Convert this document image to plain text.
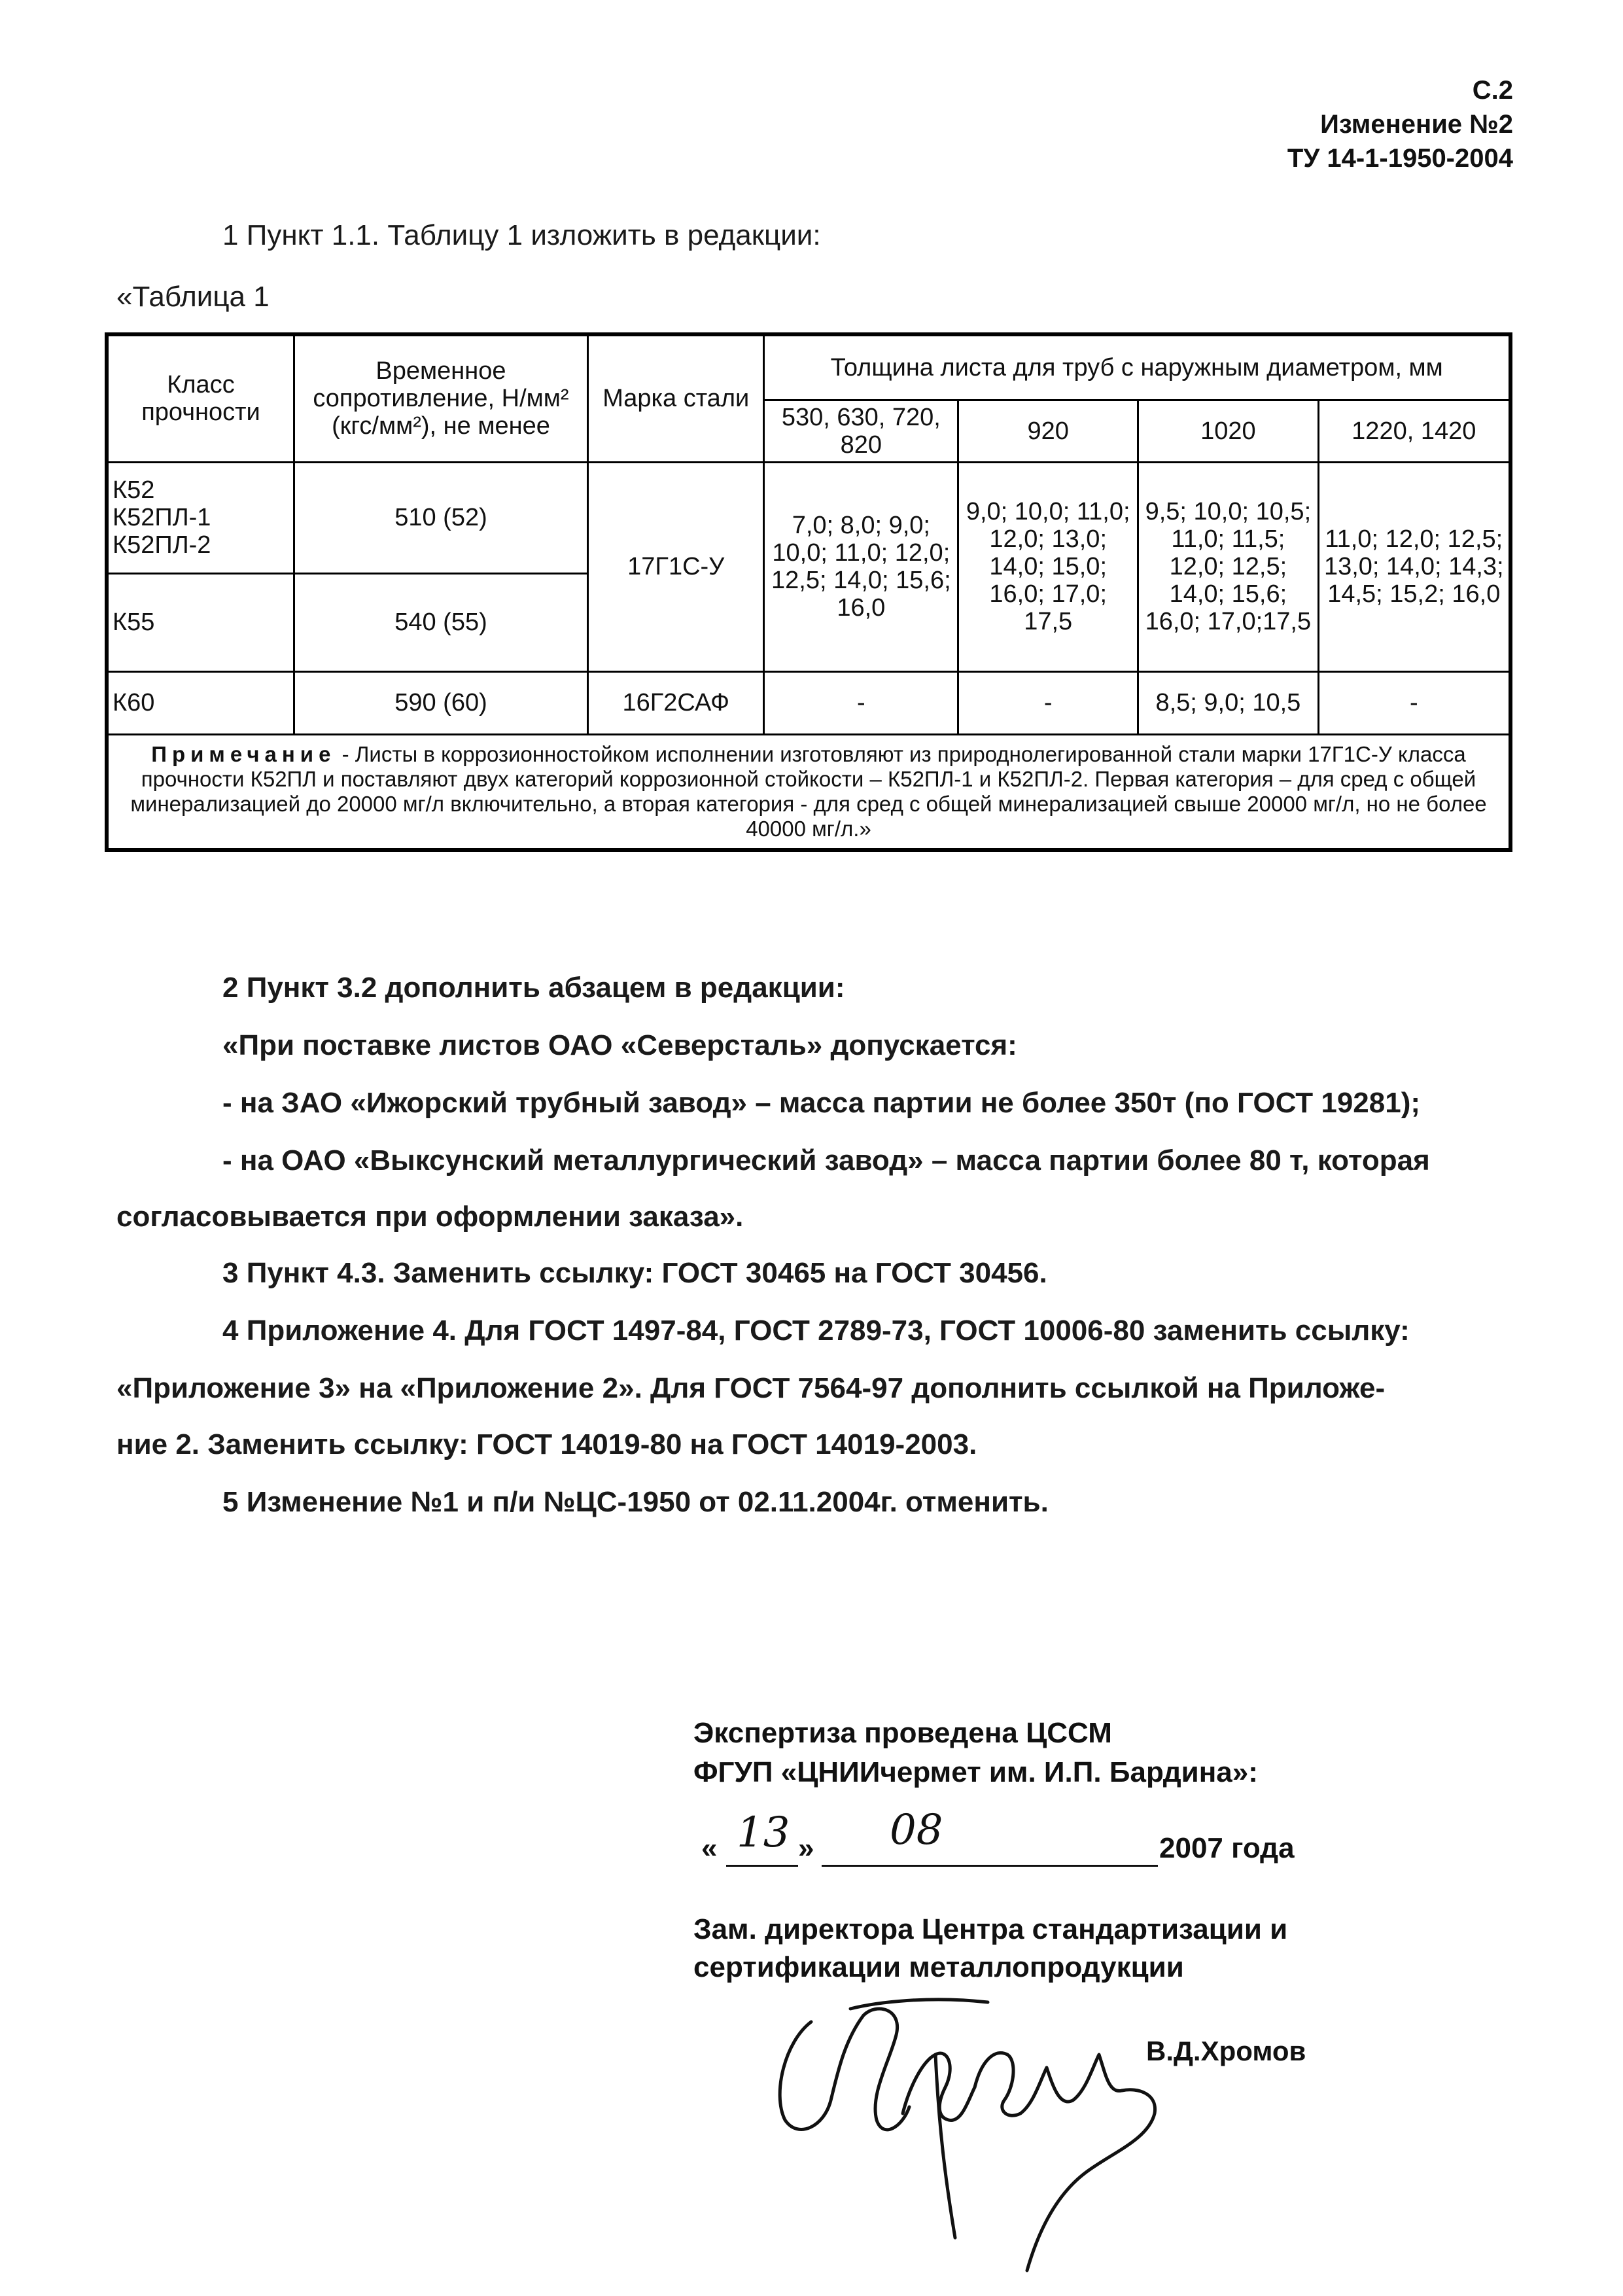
С.2
Изменение №2
ТУ 14-1-1950-2004
1 Пункт 1.1. Таблицу 1 изложить в редакции:
«Таблица 1
Класс прочности	Временное сопротивление, Н/мм² (кгс/мм²), не менее	Марка стали	Толщина листа для труб с наружным диаметром, мм			
			530, 630, 720, 820	920	1020	1220, 1420
К52
К52ПЛ-1
К52ПЛ-2	510 (52)	17Г1С-У	7,0; 8,0; 9,0; 10,0; 11,0; 12,0; 12,5; 14,0; 15,6; 16,0	9,0; 10,0; 11,0; 12,0; 13,0; 14,0; 15,0; 16,0; 17,0; 17,5	9,5; 10,0; 10,5; 11,0; 11,5; 12,0; 12,5; 14,0; 15,6; 16,0; 17,0;17,5	11,0; 12,0; 12,5; 13,0; 14,0; 14,3; 14,5; 15,2; 16,0
К55	540 (55)					
К60	590 (60)	16Г2САФ	-	-	8,5; 9,0; 10,5	-
Примечание - Листы в коррозионностойком исполнении изготовляют из природнолегированной стали марки 17Г1С-У класса прочности К52ПЛ и поставляют двух категорий коррозионной стойкости – К52ПЛ-1 и К52ПЛ-2. Первая категория – для сред с общей минерализацией до 20000 мг/л включительно, а вторая категория - для сред с общей минерализацией свыше 20000 мг/л, но не более 40000 мг/л.»						
2 Пункт 3.2 дополнить абзацем в редакции:
«При поставке листов ОАО «Северсталь» допускается:
- на ЗАО «Ижорский трубный завод» – масса партии не более 350т (по ГОСТ 19281);
- на ОАО «Выксунский металлургический завод» – масса партии более 80 т, которая
согласовывается при оформлении заказа».
3 Пункт 4.3. Заменить ссылку: ГОСТ 30465 на ГОСТ 30456.
4 Приложение 4. Для ГОСТ 1497-84, ГОСТ 2789-73, ГОСТ 10006-80 заменить ссылку:
«Приложение 3» на «Приложение 2». Для ГОСТ 7564-97 дополнить ссылкой на Приложе-
ние 2. Заменить ссылку: ГОСТ 14019-80 на ГОСТ 14019-2003.
5 Изменение №1 и п/и №ЦС-1950 от 02.11.2004г. отменить.
Экспертиза проведена ЦССМ
ФГУП «ЦНИИчермет им. И.П. Бардина»:
« 13 » 08	2007 года
Зам. директора Центра стандартизации и
сертификации металлопродукции
В.Д.Хромов
